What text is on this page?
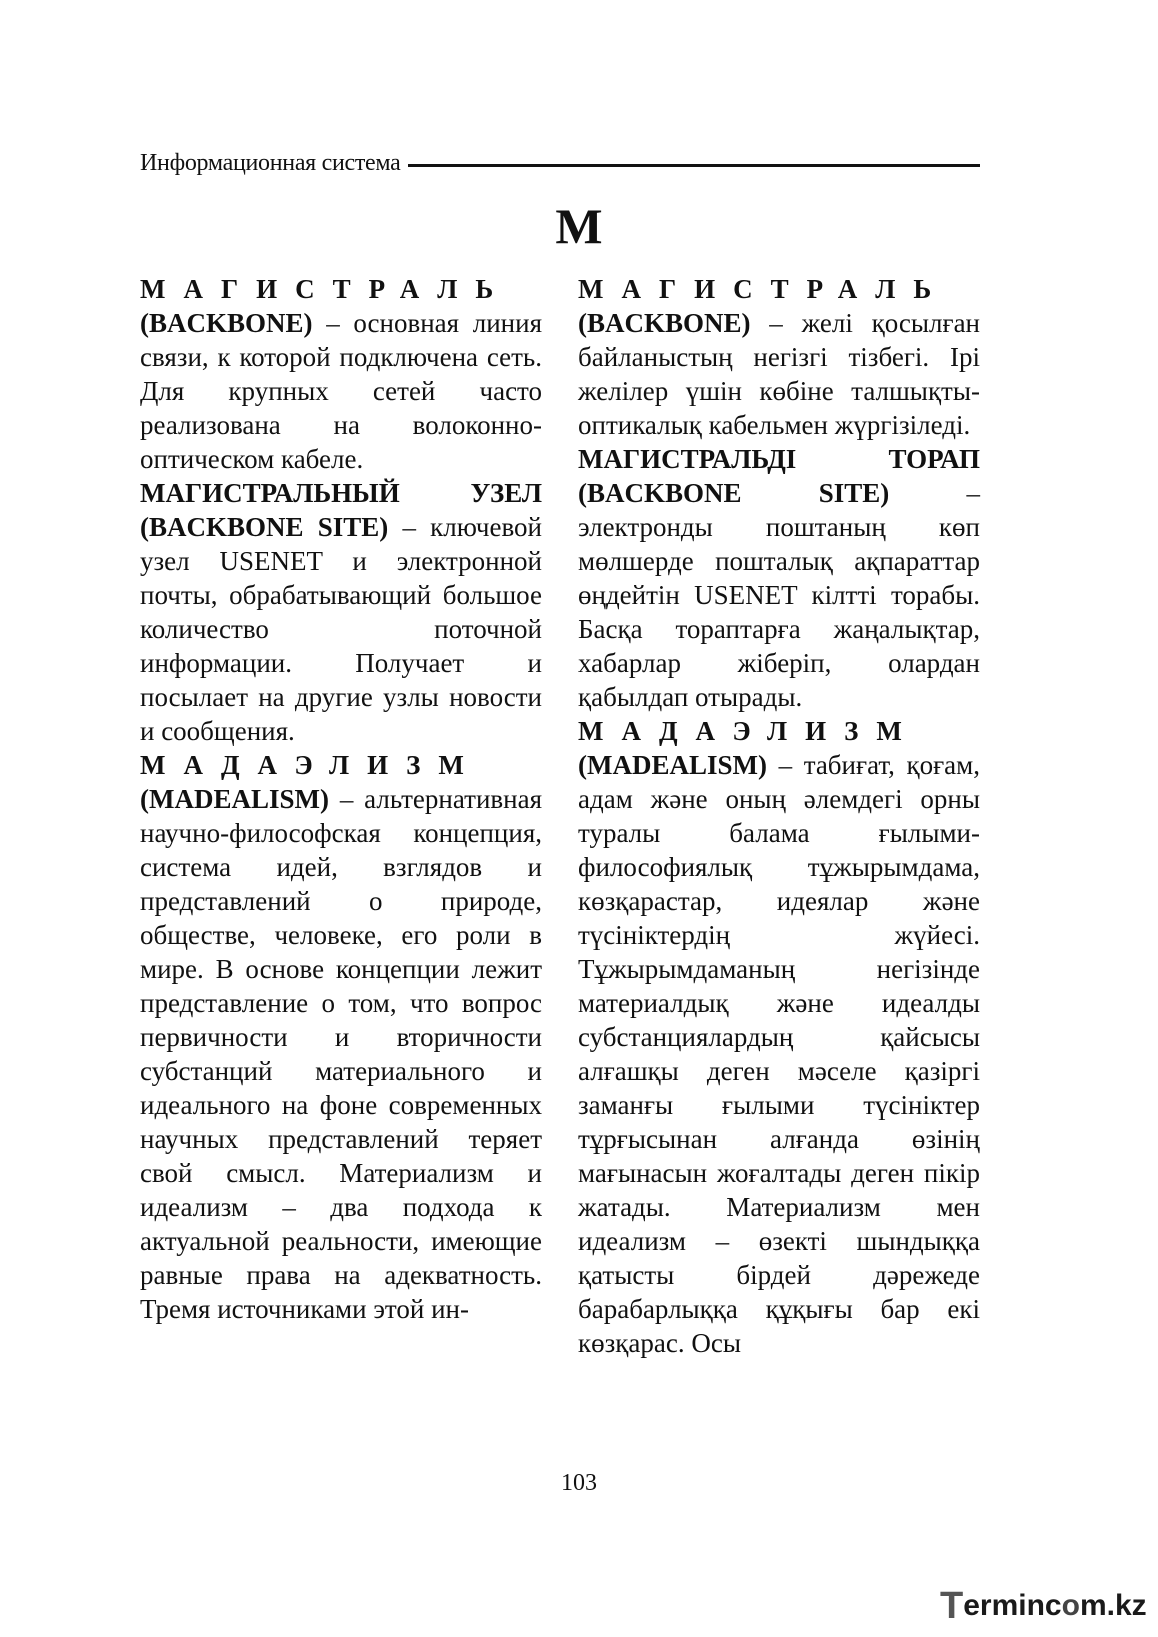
Информационная система
М

МАГИСТРАЛЬ (BACKBONE) – основная линия связи, к которой подключена сеть. Для крупных сетей часто реализована на волоконно-оптическом кабеле.

МАГИСТРАЛЬНЫЙ УЗЕЛ (BACKBONE SITE) – ключевой узел USENET и электронной почты, обрабатывающий большое количество поточной информации. Получает и посылает на другие узлы новости и сообщения.

МАДАЭЛИЗМ (MADEALISM) – альтернативная научно-философская концепция, система идей, взглядов и представлений о природе, обществе, человеке, его роли в мире. В основе концепции лежит представление о том, что вопрос первичности и вторичности субстанций материального и идеального на фоне современных научных представлений теряет свой смысл. Материализм и идеализм – два подхода к актуальной реальности, имеющие равные права на адекватность. Тремя источниками этой ин-

МАГИСТРАЛЬ (BACKBONE) – желі қосылған байланыстың негізгі тізбегі. Ірі желілер үшін көбіне талшықты-оптикалық кабельмен жүргізіледі.

МАГИСТРАЛЬДІ ТОРАП (BACKBONE SITE) – электронды поштаның көп мөлшерде пошталық ақпараттар өңдейтін USENET кілтті торабы. Басқа тораптарға жаңалықтар, хабарлар жіберіп, олардан қабылдап отырады.

МАДАЭЛИЗМ (MADEALISM) – табиғат, қоғам, адам және оның әлемдегі орны туралы балама ғылыми-философиялық тұжырымдама, көзқарастар, идеялар және түсініктердің жүйесі. Тұжырымдаманың негізінде материалдық және идеалды субстанциялардың қайсысы алғашқы деген мәселе қазіргі заманғы ғылыми түсініктер тұрғысынан алғанда өзінің мағынасын жоғалтады деген пікір жатады. Материализм мен идеализм – өзекті шындыққа қатысты бірдей дәрежеде барабарлыққа құқығы бар екі көзқарас. Осы

103
T erminc o m.kz
